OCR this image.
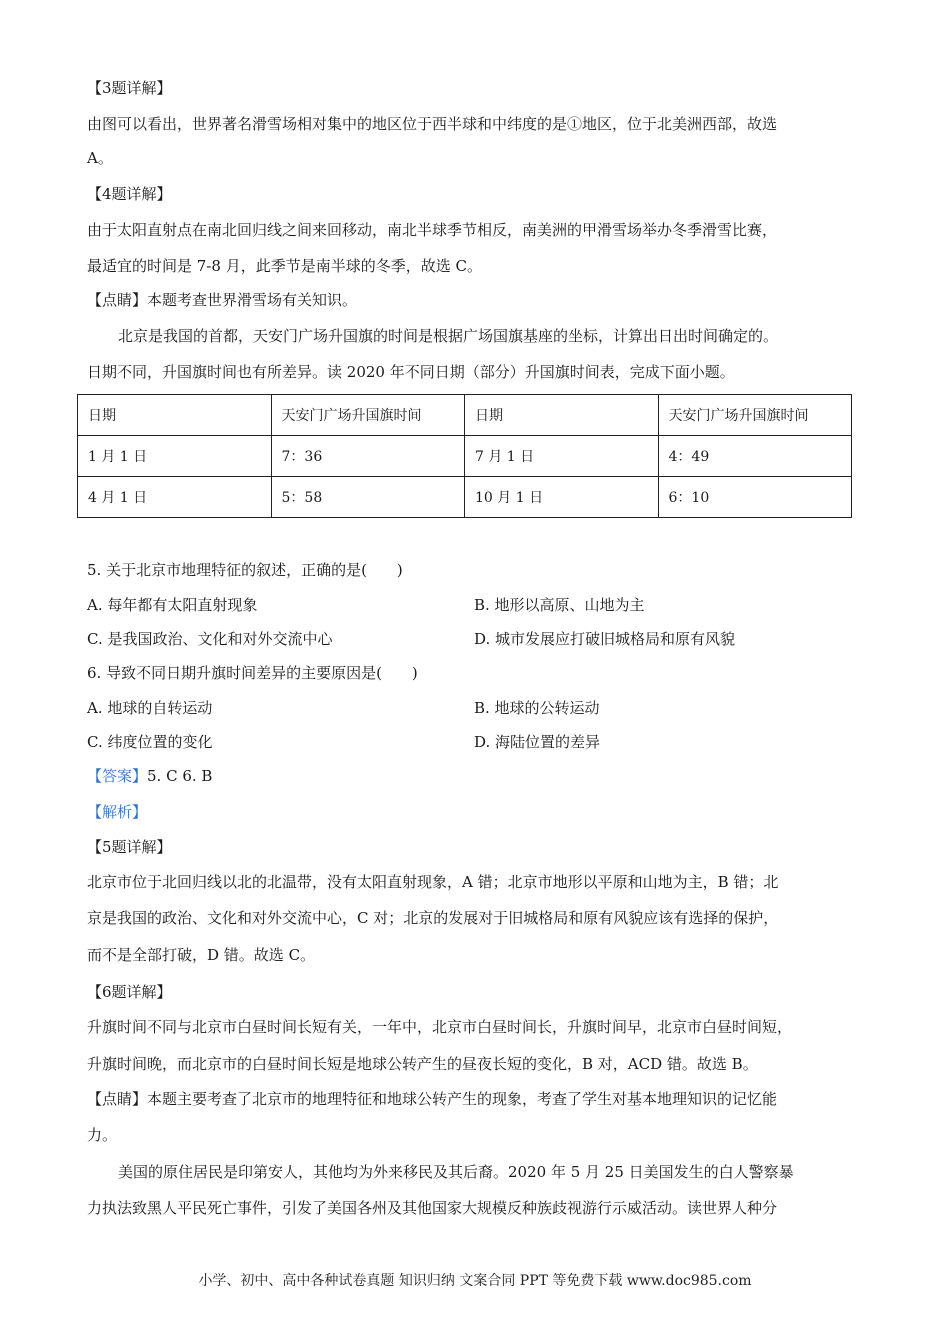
【3题详解】
由图可以看出，世界著名滑雪场相对集中的地区位于西半球和中纬度的是①地区，位于北美洲西部，故选
A。
【4题详解】
由于太阳直射点在南北回归线之间来回移动，南北半球季节相反，南美洲的甲滑雪场举办冬季滑雪比赛，
最适宜的时间是 7-8 月，此季节是南半球的冬季，故选 C。
【点睛】本题考查世界滑雪场有关知识。
北京是我国的首都，天安门广场升国旗的时间是根据广场国旗基座的坐标，计算出日出时间确定的。
日期不同，升国旗时间也有所差异。读 2020 年不同日期（部分）升国旗时间表，完成下面小题。
日期	天安门广场升国旗时间	日期	天安门广场升国旗时间
1 月 1 日	7：36	7 月 1 日	4：49
4 月 1 日	5：58	10 月 1 日	6：10
5. 关于北京市地理特征的叙述，正确的是(　　)
A. 每年都有太阳直射现象	B. 地形以高原、山地为主
C. 是我国政治、文化和对外交流中心	D. 城市发展应打破旧城格局和原有风貌
6. 导致不同日期升旗时间差异的主要原因是(　　)
A. 地球的自转运动	B. 地球的公转运动
C. 纬度位置的变化	D. 海陆位置的差异
【答案】5. C 6. B
【解析】
【5题详解】
北京市位于北回归线以北的北温带，没有太阳直射现象，A 错；北京市地形以平原和山地为主，B 错；北
京是我国的政治、文化和对外交流中心，C 对；北京的发展对于旧城格局和原有风貌应该有选择的保护，
而不是全部打破，D 错。故选 C。
【6题详解】
升旗时间不同与北京市白昼时间长短有关，一年中，北京市白昼时间长，升旗时间早，北京市白昼时间短，
升旗时间晚，而北京市的白昼时间长短是地球公转产生的昼夜长短的变化，B 对，ACD 错。故选 B。
【点睛】本题主要考查了北京市的地理特征和地球公转产生的现象，考查了学生对基本地理知识的记忆能
力。
美国的原住居民是印第安人，其他均为外来移民及其后裔。2020 年 5 月 25 日美国发生的白人警察暴
力执法致黑人平民死亡事件，引发了美国各州及其他国家大规模反种族歧视游行示威活动。读世界人种分
小学、初中、高中各种试卷真题 知识归纳 文案合同 PPT 等免费下载 www.doc985.com
